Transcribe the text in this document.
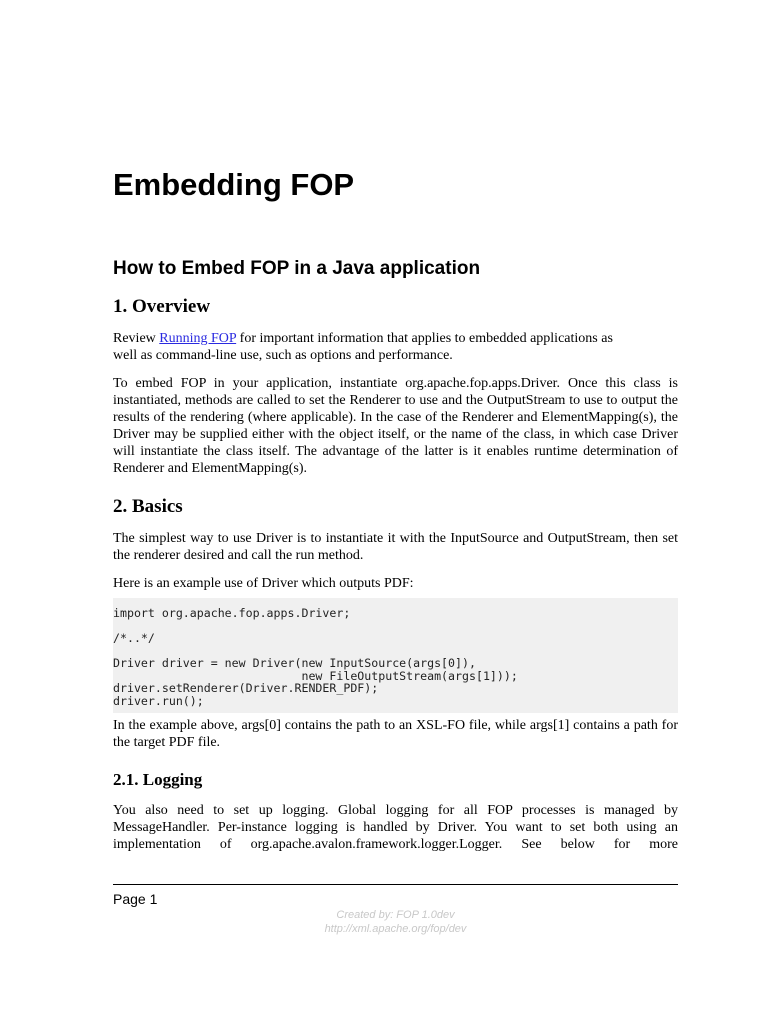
Embedding FOP
How to Embed FOP in a Java application
1. Overview

Review Running FOP for important information that applies to embedded applications as
well as command-line use, such as options and performance.

To embed FOP in your application, instantiate org.apache.fop.apps.Driver. Once this class is instantiated, methods are called to set the Renderer to use and the OutputStream to use to output the results of the rendering (where applicable). In the case of the Renderer and ElementMapping(s), the Driver may be supplied either with the object itself, or the name of the class, in which case Driver will instantiate the class itself. The advantage of the latter is it enables runtime determination of Renderer and ElementMapping(s).

2. Basics

The simplest way to use Driver is to instantiate it with the InputSource and OutputStream, then set the renderer desired and call the run method.

Here is an example use of Driver which outputs PDF:

import org.apache.fop.apps.Driver;

/*..*/

Driver driver = new Driver(new InputSource(args[0]),
new FileOutputStream(args[1]));
driver.setRenderer(Driver.RENDER_PDF);
driver.run();

In the example above, args[0] contains the path to an XSL-FO file, while args[1] contains a path for the target PDF file.

2.1. Logging

You also need to set up logging. Global logging for all FOP processes is managed by MessageHandler. Per-instance logging is handled by Driver. You want to set both using an implementation of org.apache.avalon.framework.logger.Logger. See below for more

Page 1

Created by: FOP 1.0dev

http://xml.apache.org/fop/dev
